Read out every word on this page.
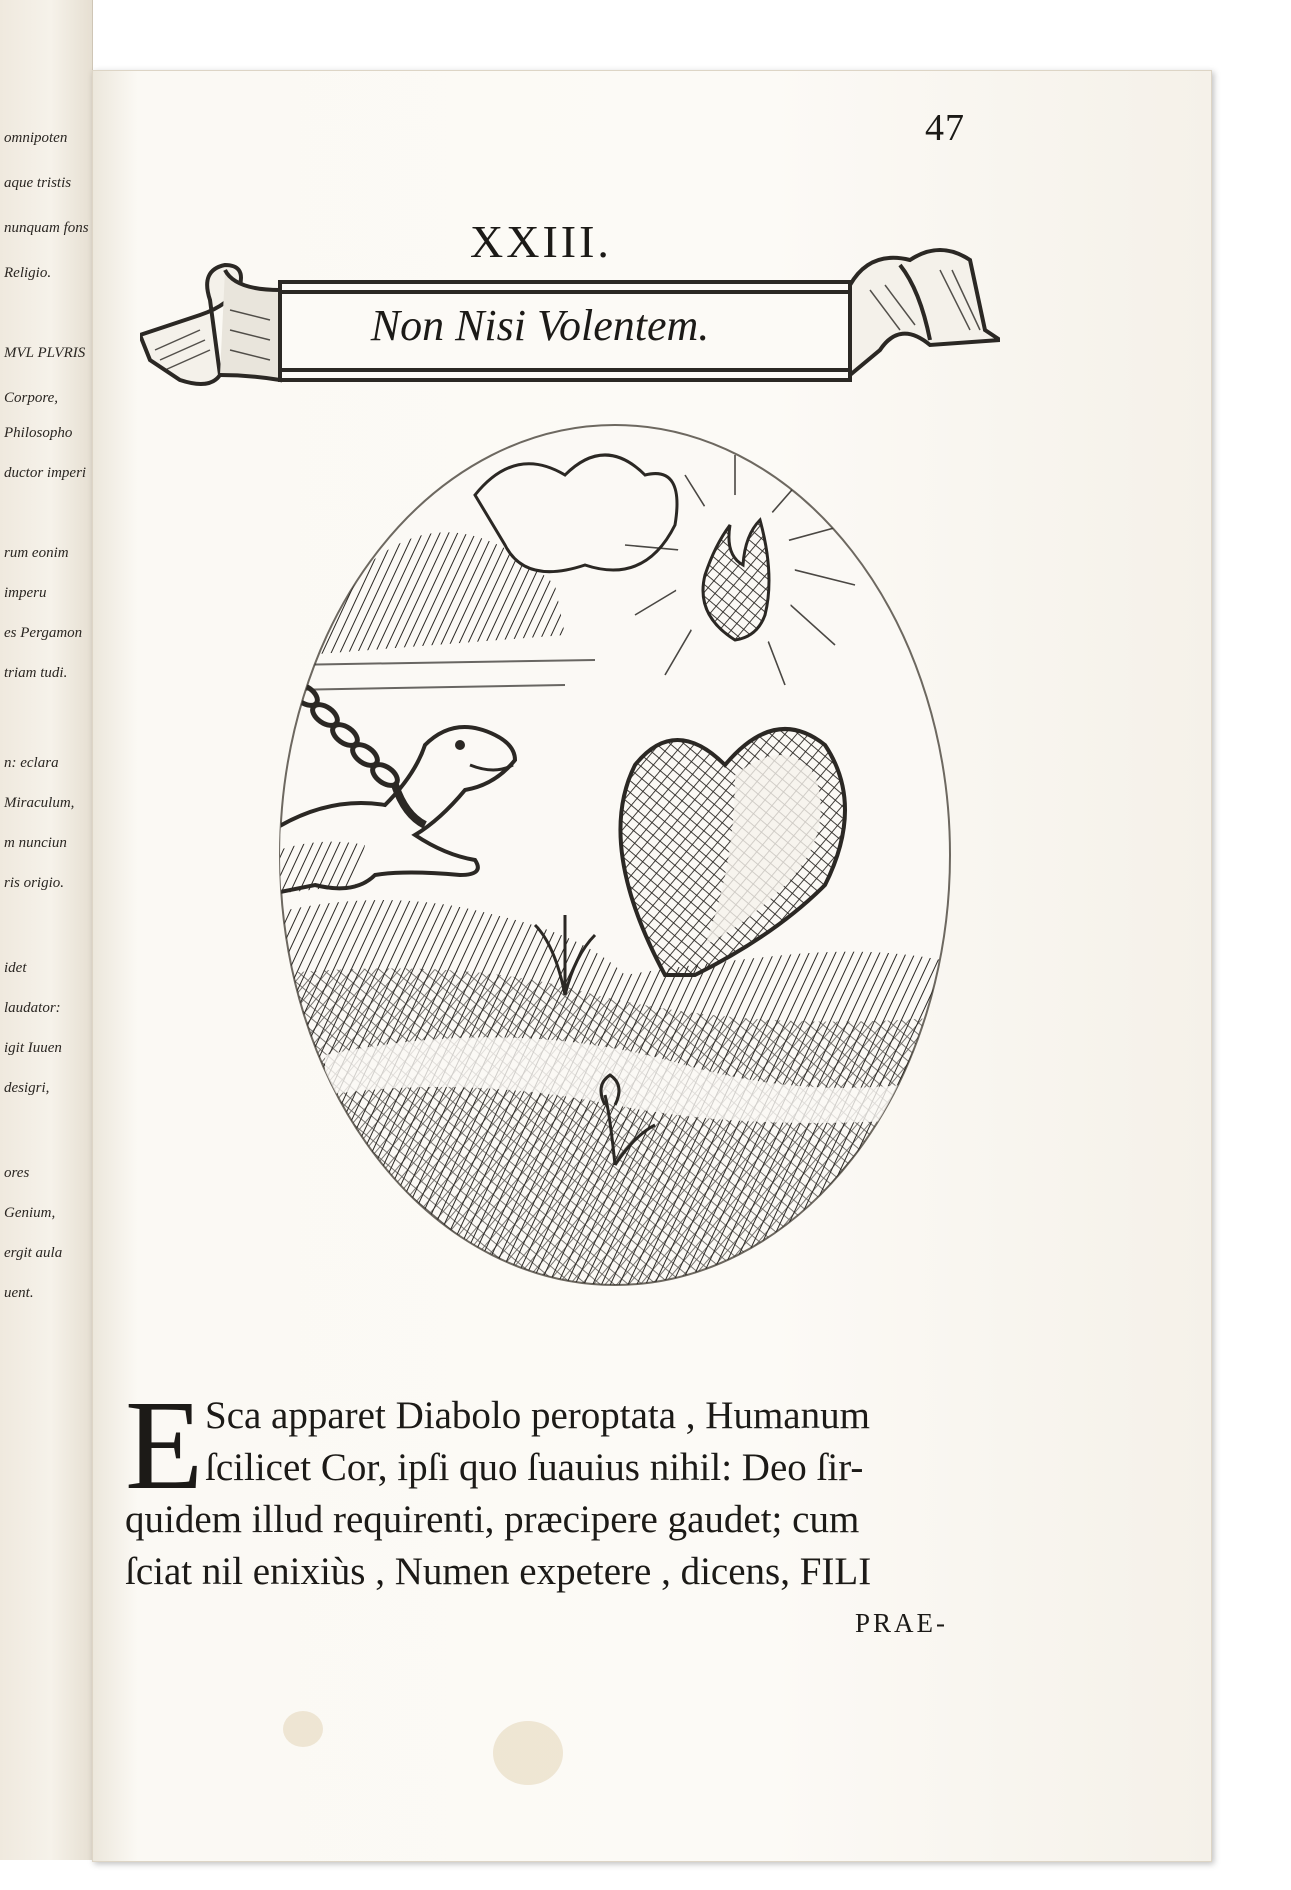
omnipoten
aque tristis
nunquam fons
Religio.
MVL PLVRIS
Corpore,
Philosopho
ductor imperi
rum eonim
imperu
es Pergamon
triam tudi.
n: eclara
Miraculum,
m nunciun
ris origio.
idet
laudator:
igit Iuuen
desigri,
ores
Genium,
ergit aula
uent.
47
XXIII.
Non Nisi Volentem.
E Sca apparet Diabolo peroptata , Humanum
ſcilicet Cor, ipſi quo ſuauius nihil: Deo ſir-
quidem illud requirenti, præcipere gaudet; cum
ſciat nil enixiùs , Numen expetere , dicens, FILI
PRAE-
